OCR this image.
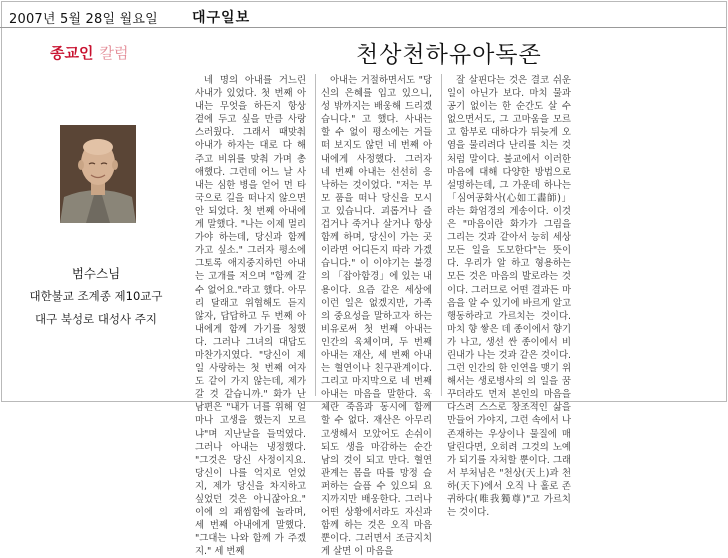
2007년 5월 28일 월요일 대구일보
종교인 칼럼	천상천하유아독존
범수스님
대한불교 조계종 제10교구
대구 북성로 대성사 주지

네 명의 아내를 거느린 사내가 있었다. 첫 번째 아내는 무엇을 하든지 항상 곁에 두고 싶을 만큼 사랑스러웠다. 그래서 때맞춰 아내가 하자는 대로 다 해 주고 비위를 맞춰 가며 총애했다. 그런데 어느 날 사내는 심한 병을 얻어 먼 타국으로 길을 떠나지 않으면 안 되었다. 첫 번째 아내에게 말했다. "나는 이제 멀리 가야 하는데, 당신과 함께 가고 싶소." 그러자 평소에 그토록 애지중지하던 아내는 고개를 저으며 "함께 갈 수 없어요."라고 했다. 아무리 달래고 위협해도 듣지 않자, 답답하고 두 번째 아내에게 함께 가기를 청했다. 그러나 그녀의 대답도 마찬가지였다. "당신이 제일 사랑하는 첫 번째 여자도 같이 가지 않는데, 제가 갈 것 같습니까." 화가 난 남편은 "내가 너를 위해 얼마나 고생을 했는지 모르냐"며 지난날을 들먹였다. 그러나 아내는 냉정했다. "그것은 당신 사정이지요. 당신이 나를 억지로 얻었지, 제가 당신을 차지하고 싶었던 것은 아니잖아요." 이에 의 괘씸함에 놀라며, 세 번째 아내에게 말했다. "그대는 나와 함께 가 주겠지." 세 번째

아내는 거절하면서도 "당신의 은혜를 입고 있으니, 성 밖까지는 배웅해 드리겠습니다." 고 했다. 사내는 할 수 없이 평소에는 거들떠 보지도 않던 네 번째 아내에게 사정했다. 그러자 네 번째 아내는 선선히 응낙하는 것이었다. "저는 부모 품을 떠나 당신을 모시고 있습니다. 괴롭거나 즐겁거나 죽거나 살거나 항상 함께 하며, 당신이 가는 곳이라면 어디든지 따라 가겠습니다." 이 이야기는 불경의 「잡아함경」에 있는 내용이다. 요즘 같은 세상에 이런 일은 없겠지만, 가족의 중요성을 말하고자 하는 비유로써 첫 번째 아내는 인간의 육체이며, 두 번째 아내는 재산, 세 번째 아내는 혈연이나 친구관계이다. 그리고 마지막으로 네 번째 아내는 마음을 말한다. 육체란 죽음과 동시에 함께 할 수 없다. 재산은 아무리 고생해서 모았어도 손쉬이 되도 생을 마감하는 순간 남의 것이 되고 만다. 혈연관계는 몸을 따를 망정 슬퍼하는 슬픔 수 있으되 요지까지만 배웅한다. 그러나 어떤 상황에서라도 자신과 함께 하는 것은 오직 마음뿐이다. 그러면서 조금지치게 살면 이 마음을

잘 살핀다는 것은 결코 쉬운 일이 아닌가 보다. 마치 물과 공기 없이는 한 순간도 살 수 없으면서도, 그 고마움을 모르고 함부로 대하다가 뒤늦게 오염을 물리려다 난리를 치는 것처럼 말이다. 불교에서 이러한 마음에 대해 다양한 방법으로 설명하는데, 그 가운데 하나는 「심여공화사(心如工畵師)」라는 화엄경의 게송이다. 이것은 "마음이란 화가가 그림을 그리는 것과 같아서 능히 세상 모든 일을 도모한다"는 뜻이다. 우리가 알 하고 형용하는 모든 것은 마음의 발로라는 것이다. 그러므로 어떤 결과든 마음을 알 수 있기에 바르게 알고 행동하라고 가르치는 것이다. 마치 향 쌓은 데 종이에서 향기가 나고, 생선 싼 종이에서 비린내가 나는 것과 같은 것이다. 그런 인간의 한 인연을 맺기 위해서는 생로병사의 의 일을 꿈꾸더라도 먼저 본인의 마음을 다스려 스스로 창조적인 삶을 만들어 가야지, 그런 속에서 나 존재하는 우상이나 물질에 매달린다면, 오히려 그것의 노예가 되기를 자처할 뿐이다. 그래서 부처님은 "천상(天上)과 천하(天下)에서 오직 나 홀로 존귀하다(唯我獨尊)"고 가르치는 것이다.
